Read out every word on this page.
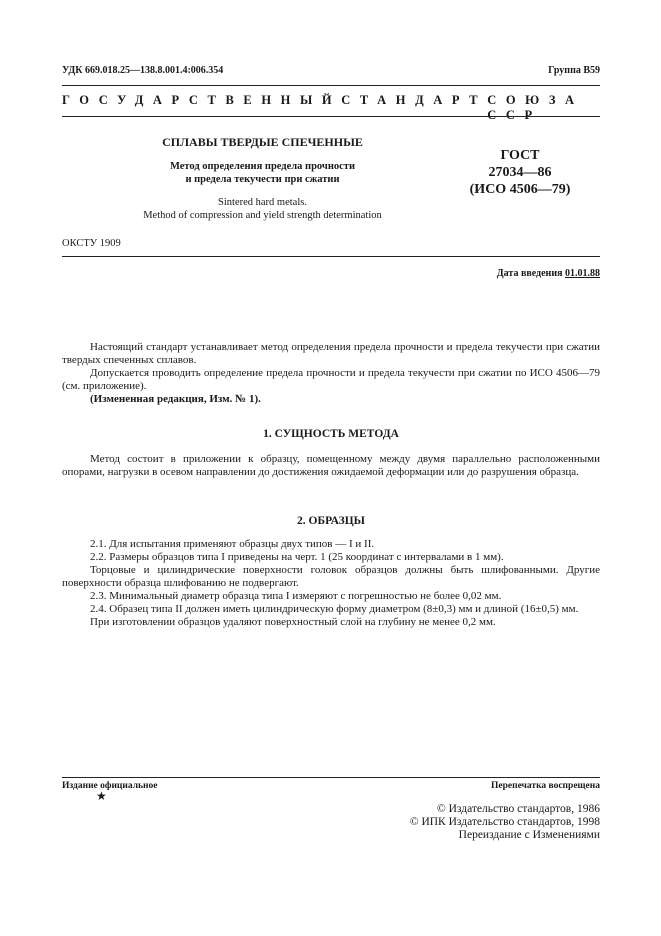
УДК 669.018.25—138.8.001.4:006.354	Группа В59
ГОСУДАРСТВЕННЫЙ СТАНДАРТ СОЮЗА ССР
СПЛАВЫ ТВЕРДЫЕ СПЕЧЕННЫЕ
Метод определения предела прочности
и предела текучести при сжатии
Sintered hard metals.
Method of compression and yield strength determination
ГОСТ
27034—86
(ИСО 4506—79)
ОКСТУ 1909
Дата введения 01.01.88

Настоящий стандарт устанавливает метод определения предела прочности и предела текучести при сжатии твердых спеченных сплавов.

Допускается проводить определение предела прочности и предела текучести при сжатии по ИСО 4506—79 (см. приложение).

(Измененная редакция, Изм. № 1).

1. СУЩНОСТЬ МЕТОДА

Метод состоит в приложении к образцу, помещенному между двумя параллельно расположенными опорами, нагрузки в осевом направлении до достижения ожидаемой деформации или до разрушения образца.

2. ОБРАЗЦЫ

2.1. Для испытания применяют образцы двух типов — I и II.

2.2. Размеры образцов типа I приведены на черт. 1 (25 координат с интервалами в 1 мм).

Торцовые и цилиндрические поверхности головок образцов должны быть шлифованными. Другие поверхности образца шлифованию не подвергают.

2.3. Минимальный диаметр образца типа I измеряют с погрешностью не более 0,02 мм.

2.4. Образец типа II должен иметь цилиндрическую форму диаметром (8±0,3) мм и длиной (16±0,5) мм.

При изготовлении образцов удаляют поверхностный слой на глубину не менее 0,2 мм.

Издание официальное
★
Перепечатка воспрещена
© Издательство стандартов, 1986
© ИПК Издательство стандартов, 1998
Переиздание с Изменениями
